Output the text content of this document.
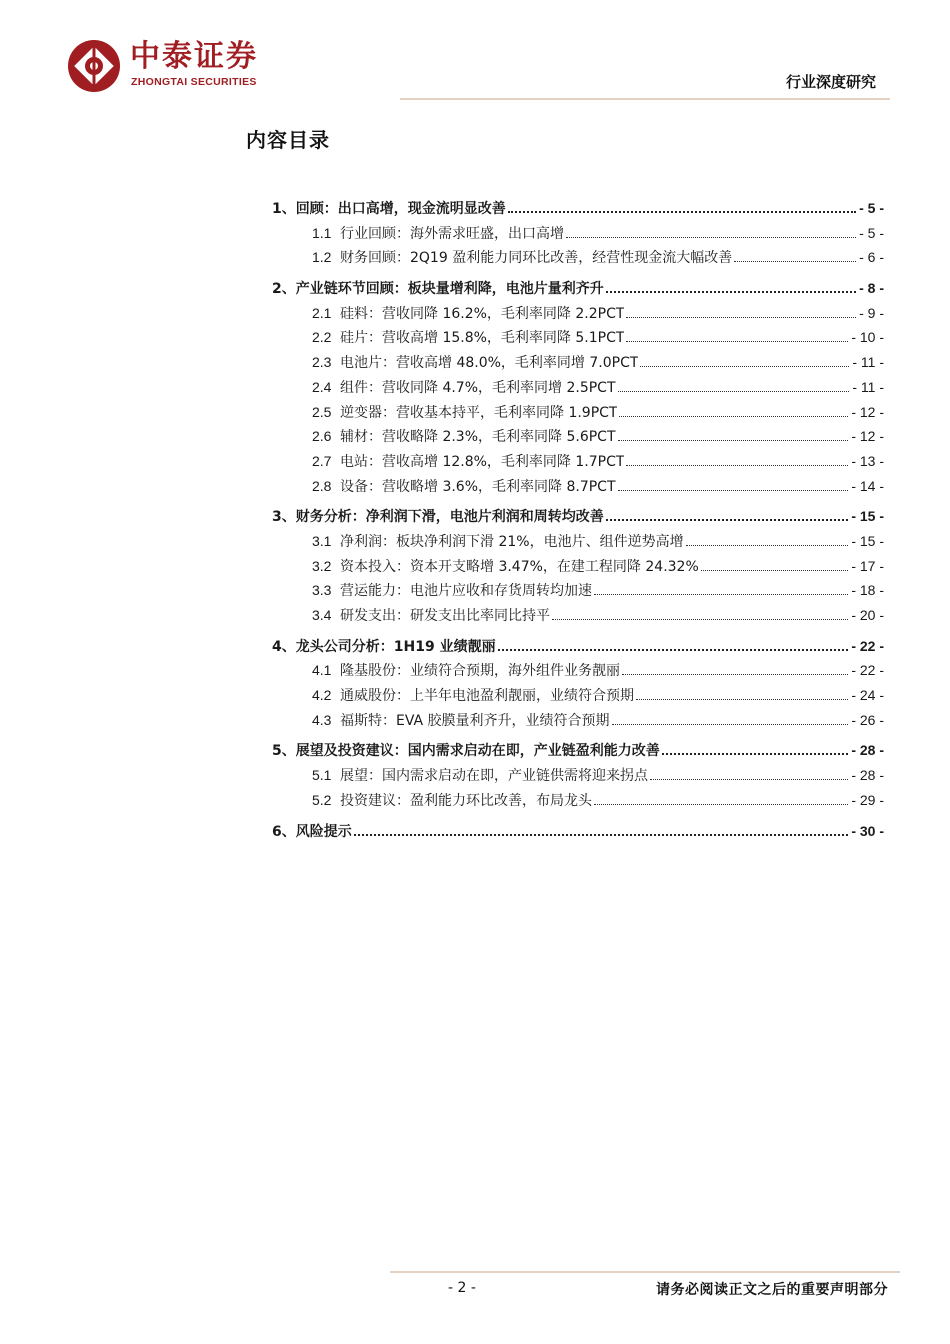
中泰证券
ZHONGTAI SECURITIES	行业深度研究
内容目录
1、 回顾：出口高增，现金流明显改善	- 5 -
1.1 行业回顾：海外需求旺盛，出口高增	- 5 -
1.2 财务回顾：2Q19 盈利能力同环比改善，经营性现金流大幅改善	- 6 -
2、 产业链环节回顾：板块量增利降，电池片量利齐升	- 8 -
2.1 硅料：营收同降 16.2%，毛利率同降 2.2PCT	- 9 -
2.2 硅片：营收高增 15.8%，毛利率同降 5.1PCT	- 10 -
2.3 电池片：营收高增 48.0%，毛利率同增 7.0PCT	- 11 -
2.4 组件：营收同降 4.7%，毛利率同增 2.5PCT	- 11 -
2.5 逆变器：营收基本持平，毛利率同降 1.9PCT	- 12 -
2.6 辅材：营收略降 2.3%，毛利率同降 5.6PCT	- 12 -
2.7 电站：营收高增 12.8%，毛利率同降 1.7PCT	- 13 -
2.8 设备：营收略增 3.6%，毛利率同降 8.7PCT	- 14 -
3、 财务分析：净利润下滑，电池片利润和周转均改善	- 15 -
3.1 净利润：板块净利润下滑 21%，电池片、组件逆势高增	- 15 -
3.2 资本投入：资本开支略增 3.47%，在建工程同降 24.32%	- 17 -
3.3 营运能力：电池片应收和存货周转均加速	- 18 -
3.4 研发支出：研发支出比率同比持平	- 20 -
4、 龙头公司分析：1H19 业绩靓丽	- 22 -
4.1 隆基股份：业绩符合预期，海外组件业务靓丽	- 22 -
4.2 通威股份：上半年电池盈利靓丽，业绩符合预期	- 24 -
4.3 福斯特：EVA 胶膜量利齐升，业绩符合预期	- 26 -
5、 展望及投资建议：国内需求启动在即，产业链盈利能力改善	- 28 -
5.1 展望：国内需求启动在即，产业链供需将迎来拐点	- 28 -
5.2 投资建议：盈利能力环比改善，布局龙头	- 29 -
6、 风险提示	- 30 -
- 2 -	请务必阅读正文之后的重要声明部分
